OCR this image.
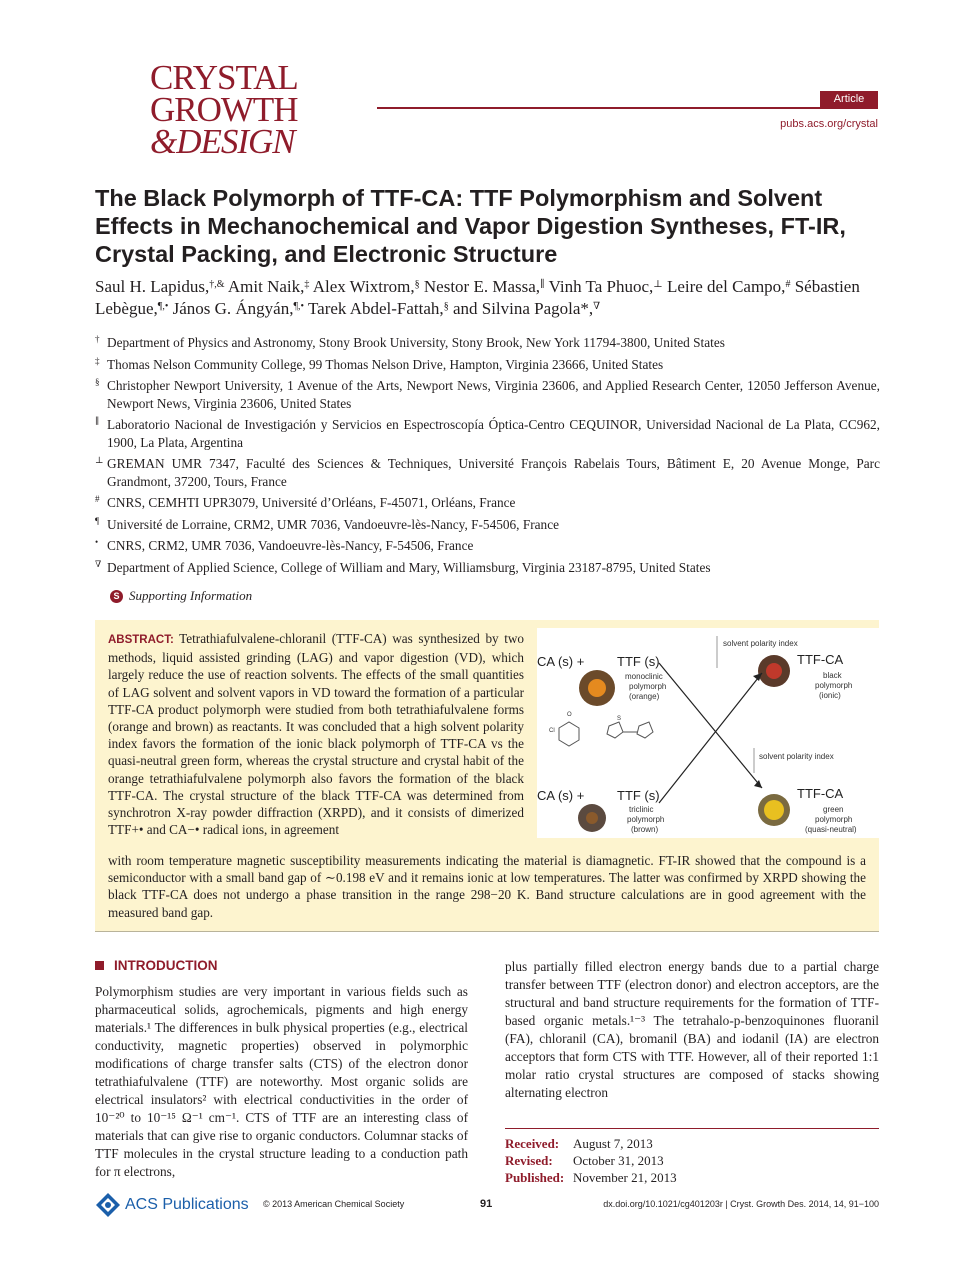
CRYSTAL
GROWTH
&DESIGN
Article
pubs.acs.org/crystal
The Black Polymorph of TTF-CA: TTF Polymorphism and Solvent Effects in Mechanochemical and Vapor Digestion Syntheses, FT-IR, Crystal Packing, and Electronic Structure
Saul H. Lapidus,†,& Amit Naik,‡ Alex Wixtrom,§ Nestor E. Massa,∥ Vinh Ta Phuoc,⊥ Leire del Campo,# Sébastien Lebègue,¶,• János G. Ángyán,¶,• Tarek Abdel-Fattah,§ and Silvina Pagola*,∇
† Department of Physics and Astronomy, Stony Brook University, Stony Brook, New York 11794-3800, United States
‡ Thomas Nelson Community College, 99 Thomas Nelson Drive, Hampton, Virginia 23666, United States
§ Christopher Newport University, 1 Avenue of the Arts, Newport News, Virginia 23606, and Applied Research Center, 12050 Jefferson Avenue, Newport News, Virginia 23606, United States
∥ Laboratorio Nacional de Investigación y Servicios en Espectroscopía Óptica-Centro CEQUINOR, Universidad Nacional de La Plata, CC962, 1900, La Plata, Argentina
⊥ GREMAN UMR 7347, Faculté des Sciences & Techniques, Université François Rabelais Tours, Bâtiment E, 20 Avenue Monge, Parc Grandmont, 37200, Tours, France
# CNRS, CEMHTI UPR3079, Université d’Orléans, F-45071, Orléans, France
¶ Université de Lorraine, CRM2, UMR 7036, Vandoeuvre-lès-Nancy, F-54506, France
• CNRS, CRM2, UMR 7036, Vandoeuvre-lès-Nancy, F-54506, France
∇ Department of Applied Science, College of William and Mary, Williamsburg, Virginia 23187-8795, United States
S Supporting Information
ABSTRACT: Tetrathiafulvalene-chloranil (TTF-CA) was synthesized by two methods, liquid assisted grinding (LAG) and vapor digestion (VD), which largely reduce the use of reaction solvents. The effects of the small quantities of LAG solvent and solvent vapors in VD toward the formation of a particular TTF-CA product polymorph were studied from both tetrathiafulvalene forms (orange and brown) as reactants. It was concluded that a high solvent polarity index favors the formation of the ionic black polymorph of TTF-CA vs the quasi-neutral green form, whereas the crystal structure and crystal habit of the orange tetrathiafulvalene polymorph also favors the formation of the black TTF-CA. The crystal structure of the black TTF-CA was determined from synchrotron X-ray powder diffraction (XRPD), and it consists of dimerized TTF+• and CA−• radical ions, in agreement
with room temperature magnetic susceptibility measurements indicating the material is diamagnetic. FT-IR showed that the compound is a semiconductor with a small band gap of ∼0.198 eV and it remains ionic at low temperatures. The latter was confirmed by XRPD showing the black TTF-CA does not undergo a phase transition in the range 298−20 K. Band structure calculations are in good agreement with the measured band gap.
CA (s) +	TTF (s)
monoclinic
polymorph
(orange)
solvent polarity index
TTF-CA
black
polymorph
(ionic)
O
Cl
S
solvent polarity index
CA (s) +	TTF (s)
triclinic
polymorph
(brown)
TTF-CA
green
polymorph
(quasi-neutral)
INTRODUCTION
Polymorphism studies are very important in various fields such as pharmaceutical solids, agrochemicals, pigments and high energy materials.¹ The differences in bulk physical properties (e.g., electrical conductivity, magnetic properties) observed in polymorphic modifications of charge transfer salts (CTS) of the electron donor tetrathiafulvalene (TTF) are noteworthy. Most organic solids are electrical insulators² with electrical conductivities in the order of 10⁻²⁰ to 10⁻¹⁵ Ω⁻¹ cm⁻¹. CTS of TTF are an interesting class of materials that can give rise to organic conductors. Columnar stacks of TTF molecules in the crystal structure leading to a conduction path for π electrons,
plus partially filled electron energy bands due to a partial charge transfer between TTF (electron donor) and electron acceptors, are the structural and band structure requirements for the formation of TTF-based organic metals.¹⁻³ The tetrahalo-p-benzoquinones fluoranil (FA), chloranil (CA), bromanil (BA) and iodanil (IA) are electron acceptors that form CTS with TTF. However, all of their reported 1:1 molar ratio crystal structures are composed of stacks showing alternating electron
Received:	August 7, 2013
Revised:	October 31, 2013
Published: November 21, 2013
ACS Publications © 2013 American Chemical Society	91	dx.doi.org/10.1021/cg401203r | Cryst. Growth Des. 2014, 14, 91−100
